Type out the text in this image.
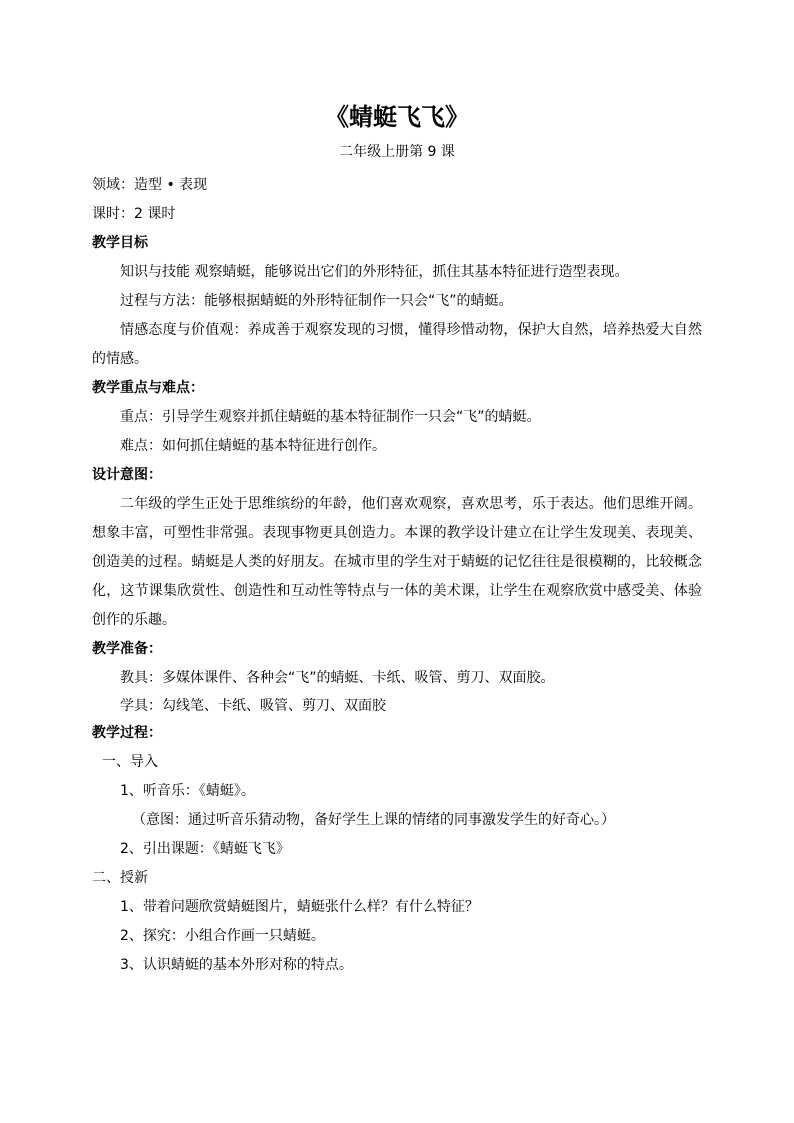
《蜻蜓飞飞》

二年级上册第 9 课

领域：造型 • 表现

课时：2 课时

教学目标

知识与技能 观察蜻蜓，能够说出它们的外形特征，抓住其基本特征进行造型表现。

过程与方法：能够根据蜻蜓的外形特征制作一只会“飞”的蜻蜓。

情感态度与价值观：养成善于观察发现的习惯，懂得珍惜动物，保护大自然，培养热爱大自然的情感。

教学重点与难点：

重点：引导学生观察并抓住蜻蜓的基本特征制作一只会“飞”的蜻蜓。

难点：如何抓住蜻蜓的基本特征进行创作。

设计意图：

二年级的学生正处于思维缤纷的年龄，他们喜欢观察，喜欢思考，乐于表达。他们思维开阔。想象丰富，可塑性非常强。表现事物更具创造力。本课的教学设计建立在让学生发现美、表现美、创造美的过程。蜻蜓是人类的好朋友。在城市里的学生对于蜻蜓的记忆往往是很模糊的，比较概念化，这节课集欣赏性、创造性和互动性等特点与一体的美术课，让学生在观察欣赏中感受美、体验创作的乐趣。

教学准备：

教具：多媒体课件、各种会“飞”的蜻蜓、卡纸、吸管、剪刀、双面胶。

学具：勾线笔、卡纸、吸管、剪刀、双面胶

教学过程：

一、导入

1、听音乐：《蜻蜓》。

（意图：通过听音乐猜动物，备好学生上课的情绪的同事激发学生的好奇心。）

2、引出课题：《蜻蜓飞飞》

二、授新

1、带着问题欣赏蜻蜓图片，蜻蜓张什么样？有什么特征？

2、探究：小组合作画一只蜻蜓。

3、认识蜻蜓的基本外形对称的特点。
